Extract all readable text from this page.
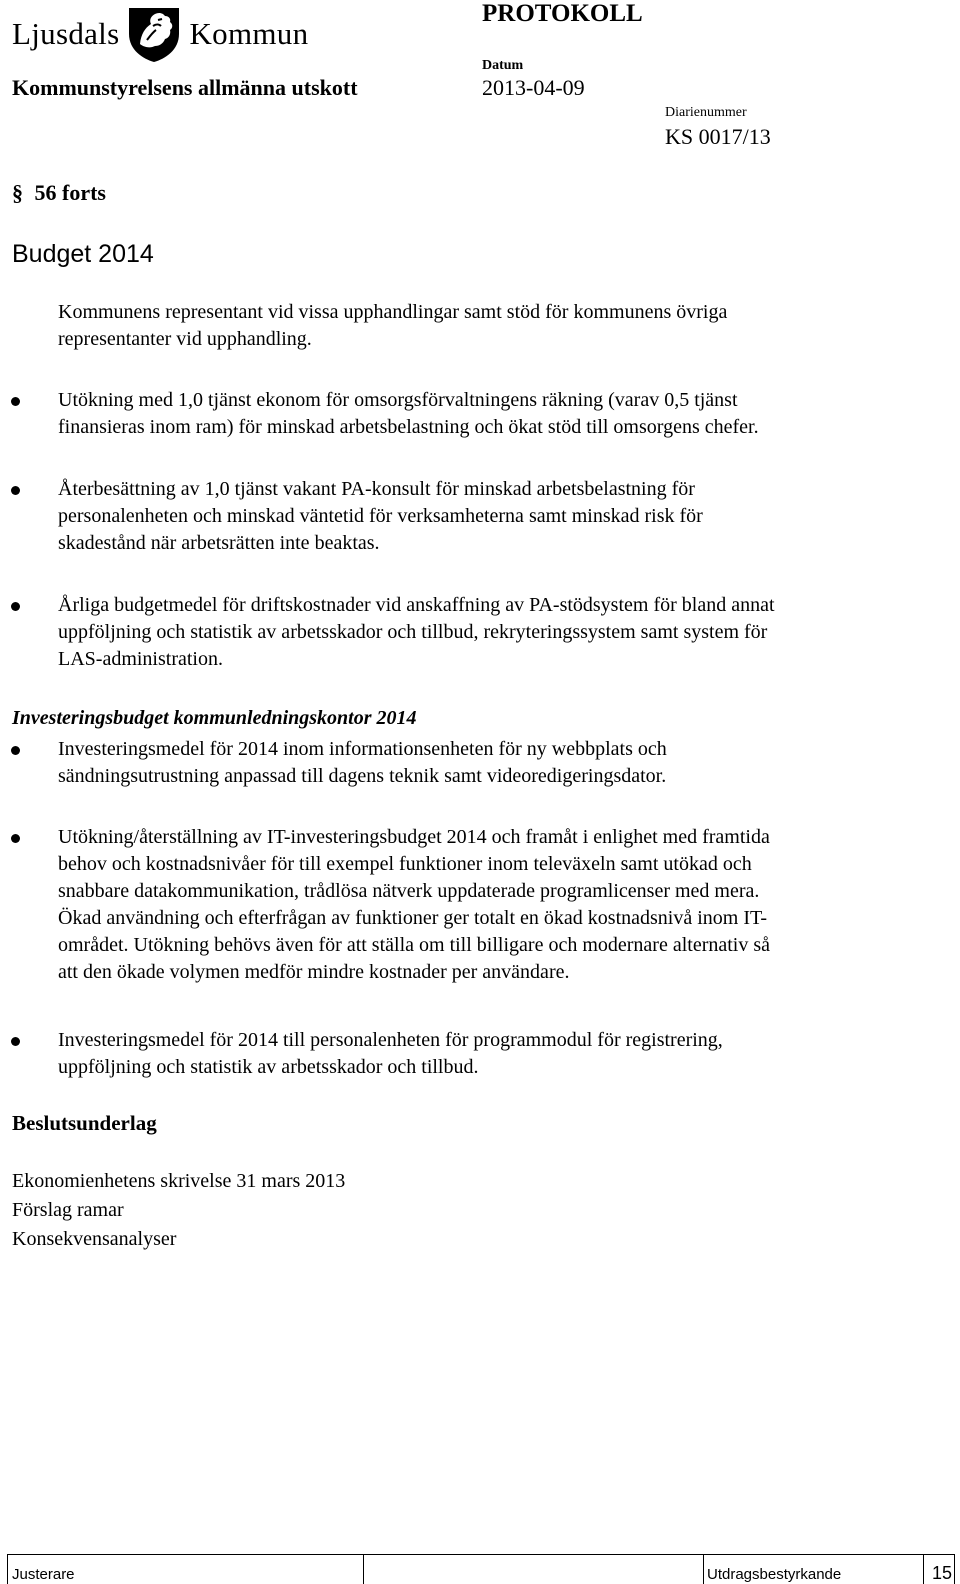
Ljusdals Kommun
PROTOKOLL
Kommunstyrelsens allmänna utskott
Datum
2013-04-09
Diarienummer
KS 0017/13
§ 56 forts
Budget 2014
Kommunens representant vid vissa upphandlingar samt stöd för kommunens övriga
representanter vid upphandling.
Utökning med 1,0 tjänst ekonom för omsorgsförvaltningens räkning (varav 0,5 tjänst
finansieras inom ram) för minskad arbetsbelastning och ökat stöd till omsorgens chefer.
Återbesättning av 1,0 tjänst vakant PA-konsult för minskad arbetsbelastning för
personalenheten och minskad väntetid för verksamheterna samt minskad risk för
skadestånd när arbetsrätten inte beaktas.
Årliga budgetmedel för driftskostnader vid anskaffning av PA-stödsystem för bland annat
uppföljning och statistik av arbetsskador och tillbud, rekryteringssystem samt system för
LAS-administration.
Investeringsbudget kommunledningskontor 2014
Investeringsmedel för 2014 inom informationsenheten för ny webbplats och
sändningsutrustning anpassad till dagens teknik samt videoredigeringsdator.
Utökning/återställning av IT-investeringsbudget 2014 och framåt i enlighet med framtida
behov och kostnadsnivåer för till exempel funktioner inom televäxeln samt utökad och
snabbare datakommunikation, trådlösa nätverk uppdaterade programlicenser med mera.
Ökad användning och efterfrågan av funktioner ger totalt en ökad kostnadsnivå inom IT-
området. Utökning behövs även för att ställa om till billigare och modernare alternativ så
att den ökade volymen medför mindre kostnader per användare.
Investeringsmedel för 2014 till personalenheten för programmodul för registrering,
uppföljning och statistik av arbetsskador och tillbud.
Beslutsunderlag
Ekonomienhetens skrivelse 31 mars 2013
Förslag ramar
Konsekvensanalyser
Justerare	Utdragsbestyrkande	15
